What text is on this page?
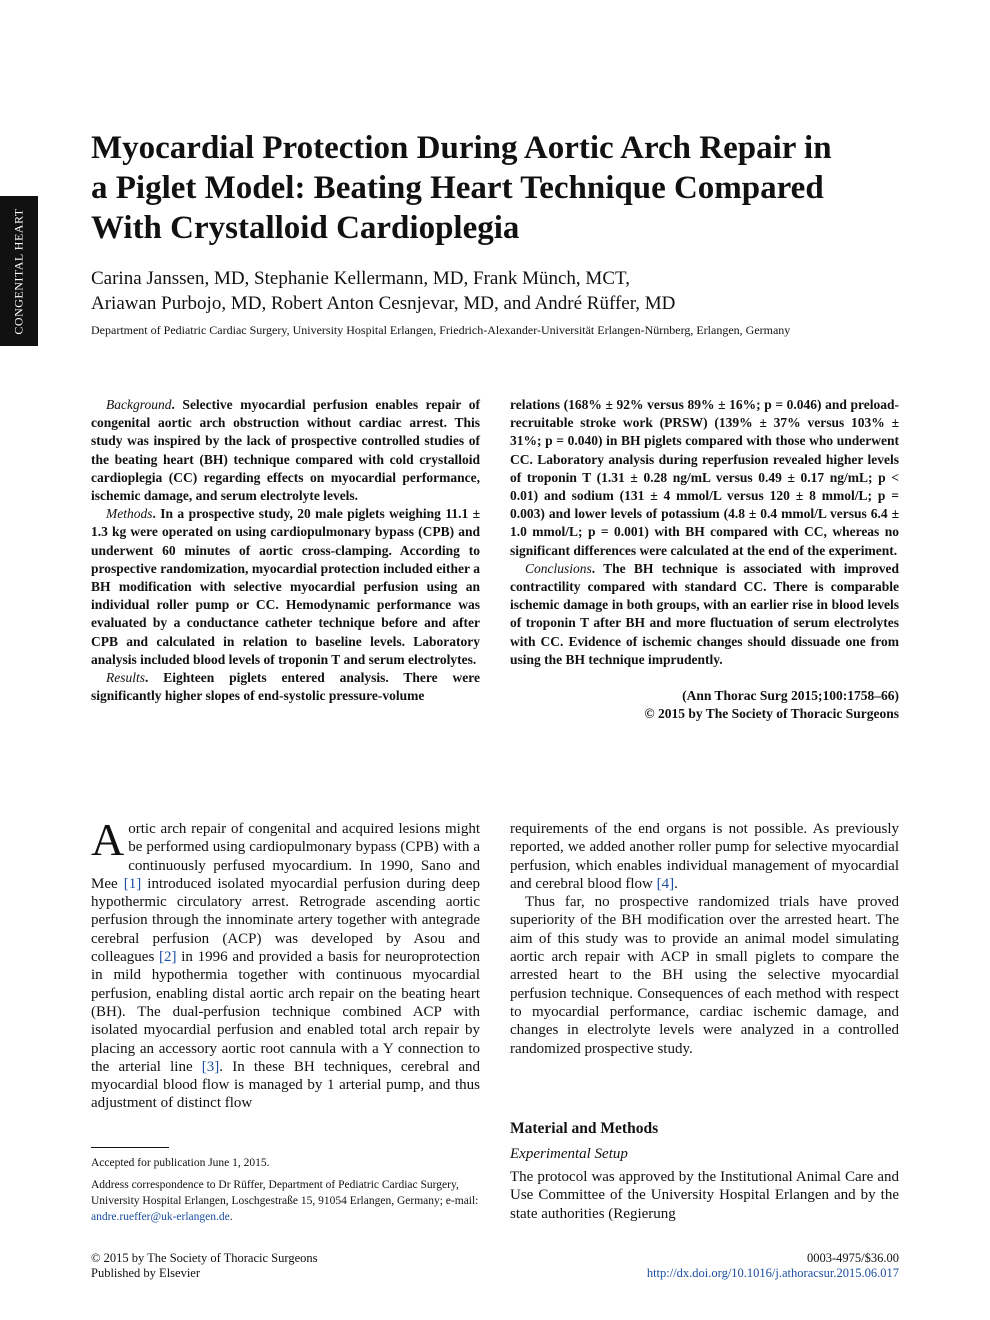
CONGENITAL HEART
Myocardial Protection During Aortic Arch Repair in
a Piglet Model: Beating Heart Technique Compared
With Crystalloid Cardioplegia
Carina Janssen, MD, Stephanie Kellermann, MD, Frank Münch, MCT,
Ariawan Purbojo, MD, Robert Anton Cesnjevar, MD, and André Rüffer, MD
Department of Pediatric Cardiac Surgery, University Hospital Erlangen, Friedrich-Alexander-Universität Erlangen-Nürnberg, Erlangen, Germany

Background. Selective myocardial perfusion enables repair of congenital aortic arch obstruction without cardiac arrest. This study was inspired by the lack of prospective controlled studies of the beating heart (BH) technique compared with cold crystalloid cardioplegia (CC) regarding effects on myocardial performance, ischemic damage, and serum electrolyte levels.

Methods. In a prospective study, 20 male piglets weighing 11.1 ± 1.3 kg were operated on using cardiopulmonary bypass (CPB) and underwent 60 minutes of aortic cross-clamping. According to prospective randomization, myocardial protection included either a BH modification with selective myocardial perfusion using an individual roller pump or CC. Hemodynamic performance was evaluated by a conductance catheter technique before and after CPB and calculated in relation to baseline levels. Laboratory analysis included blood levels of troponin T and serum electrolytes.

Results. Eighteen piglets entered analysis. There were significantly higher slopes of end-systolic pressure-volume

relations (168% ± 92% versus 89% ± 16%; p = 0.046) and preload-recruitable stroke work (PRSW) (139% ± 37% versus 103% ± 31%; p = 0.040) in BH piglets compared with those who underwent CC. Laboratory analysis during reperfusion revealed higher levels of troponin T (1.31 ± 0.28 ng/mL versus 0.49 ± 0.17 ng/mL; p < 0.01) and sodium (131 ± 4 mmol/L versus 120 ± 8 mmol/L; p = 0.003) and lower levels of potassium (4.8 ± 0.4 mmol/L versus 6.4 ± 1.0 mmol/L; p = 0.001) with BH compared with CC, whereas no significant differences were calculated at the end of the experiment.

Conclusions. The BH technique is associated with improved contractility compared with standard CC. There is comparable ischemic damage in both groups, with an earlier rise in blood levels of troponin T after BH and more fluctuation of serum electrolytes with CC. Evidence of ischemic changes should dissuade one from using the BH technique imprudently.

(Ann Thorac Surg 2015;100:1758–66)

© 2015 by The Society of Thoracic Surgeons

Aortic arch repair of congenital and acquired lesions might be performed using cardiopulmonary bypass (CPB) with a continuously perfused myocardium. In 1990, Sano and Mee [1] introduced isolated myocardial perfusion during deep hypothermic circulatory arrest. Retrograde ascending aortic perfusion through the innominate artery together with antegrade cerebral perfusion (ACP) was developed by Asou and colleagues [2] in 1996 and provided a basis for neuroprotection in mild hypothermia together with continuous myocardial perfusion, enabling distal aortic arch repair on the beating heart (BH). The dual-perfusion technique combined ACP with isolated myocardial perfusion and enabled total arch repair by placing an accessory aortic root cannula with a Y connection to the arterial line [3]. In these BH techniques, cerebral and myocardial blood flow is managed by 1 arterial pump, and thus adjustment of distinct flow

requirements of the end organs is not possible. As previously reported, we added another roller pump for selective myocardial perfusion, which enables individual management of myocardial and cerebral blood flow [4].

Thus far, no prospective randomized trials have proved superiority of the BH modification over the arrested heart. The aim of this study was to provide an animal model simulating aortic arch repair with ACP in small piglets to compare the arrested heart to the BH using the selective myocardial perfusion technique. Consequences of each method with respect to myocardial performance, cardiac ischemic damage, and changes in electrolyte levels were analyzed in a controlled randomized prospective study.

Material and Methods
Experimental Setup

The protocol was approved by the Institutional Animal Care and Use Committee of the University Hospital Erlangen and by the state authorities (Regierung

Accepted for publication June 1, 2015.

Address correspondence to Dr Rüffer, Department of Pediatric Cardiac Surgery, University Hospital Erlangen, Loschgestraße 15, 91054 Erlangen, Germany; e-mail: andre.rueffer@uk-erlangen.de.

© 2015 by The Society of Thoracic Surgeons
Published by Elsevier
0003-4975/$36.00
http://dx.doi.org/10.1016/j.athoracsur.2015.06.017
